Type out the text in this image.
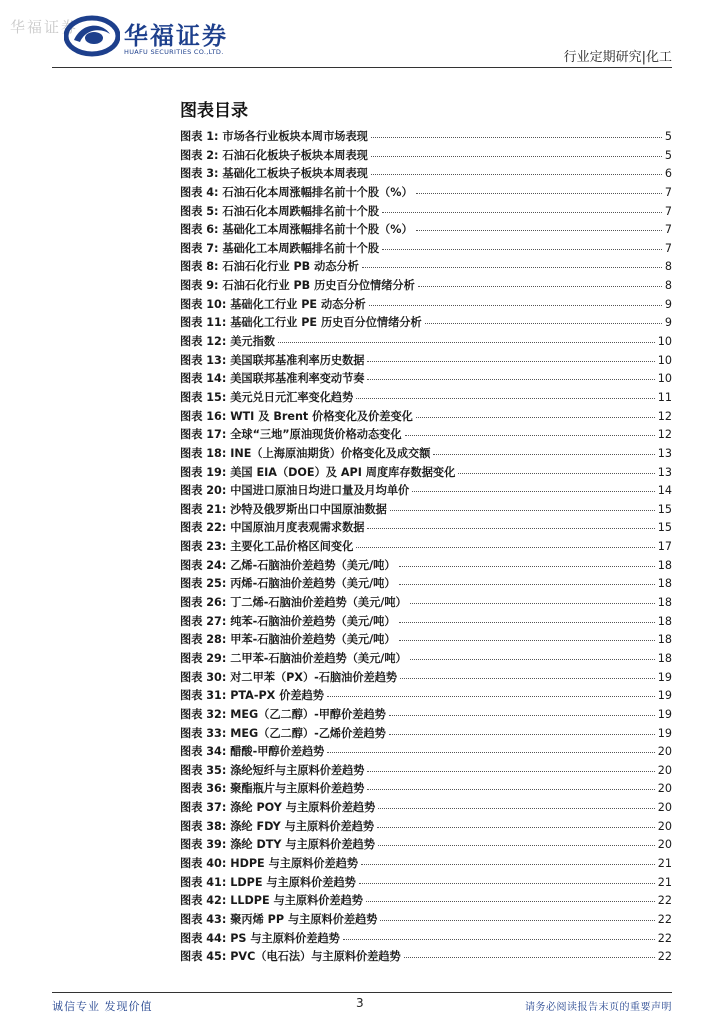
华福证券 华福证券
HUAFU SECURITIES CO.,LTD.	行业定期研究|化工
图表目录
图表 1: 市场各行业板块本周市场表现	5
图表 2: 石油石化板块子板块本周表现	5
图表 3: 基础化工板块子板块本周表现	6
图表 4: 石油石化本周涨幅排名前十个股（%）	7
图表 5: 石油石化本周跌幅排名前十个股	7
图表 6: 基础化工本周涨幅排名前十个股（%）	7
图表 7: 基础化工本周跌幅排名前十个股	7
图表 8: 石油石化行业 PB 动态分析	8
图表 9: 石油石化行业 PB 历史百分位情绪分析	8
图表 10: 基础化工行业 PE 动态分析	9
图表 11: 基础化工行业 PE 历史百分位情绪分析	9
图表 12: 美元指数	10
图表 13: 美国联邦基准利率历史数据	10
图表 14: 美国联邦基准利率变动节奏	10
图表 15: 美元兑日元汇率变化趋势	11
图表 16: WTI 及 Brent 价格变化及价差变化	12
图表 17: 全球“三地”原油现货价格动态变化	12
图表 18: INE（上海原油期货）价格变化及成交额	13
图表 19: 美国 EIA（DOE）及 API 周度库存数据变化	13
图表 20: 中国进口原油日均进口量及月均单价	14
图表 21: 沙特及俄罗斯出口中国原油数据	15
图表 22: 中国原油月度表观需求数据	15
图表 23: 主要化工品价格区间变化	17
图表 24: 乙烯-石脑油价差趋势（美元/吨）	18
图表 25: 丙烯-石脑油价差趋势（美元/吨）	18
图表 26: 丁二烯-石脑油价差趋势（美元/吨）	18
图表 27: 纯苯-石脑油价差趋势（美元/吨）	18
图表 28: 甲苯-石脑油价差趋势（美元/吨）	18
图表 29: 二甲苯-石脑油价差趋势（美元/吨）	18
图表 30: 对二甲苯（PX）-石脑油价差趋势	19
图表 31: PTA-PX 价差趋势	19
图表 32: MEG（乙二醇）-甲醇价差趋势	19
图表 33: MEG（乙二醇）-乙烯价差趋势	19
图表 34: 醋酸-甲醇价差趋势	20
图表 35: 涤纶短纤与主原料价差趋势	20
图表 36: 聚酯瓶片与主原料价差趋势	20
图表 37: 涤纶 POY 与主原料价差趋势	20
图表 38: 涤纶 FDY 与主原料价差趋势	20
图表 39: 涤纶 DTY 与主原料价差趋势	20
图表 40: HDPE 与主原料价差趋势	21
图表 41: LDPE 与主原料价差趋势	21
图表 42: LLDPE 与主原料价差趋势	22
图表 43: 聚丙烯 PP 与主原料价差趋势	22
图表 44: PS 与主原料价差趋势	22
图表 45: PVC（电石法）与主原料价差趋势	22
诚信专业 发现价值	3	请务必阅读报告末页的重要声明
